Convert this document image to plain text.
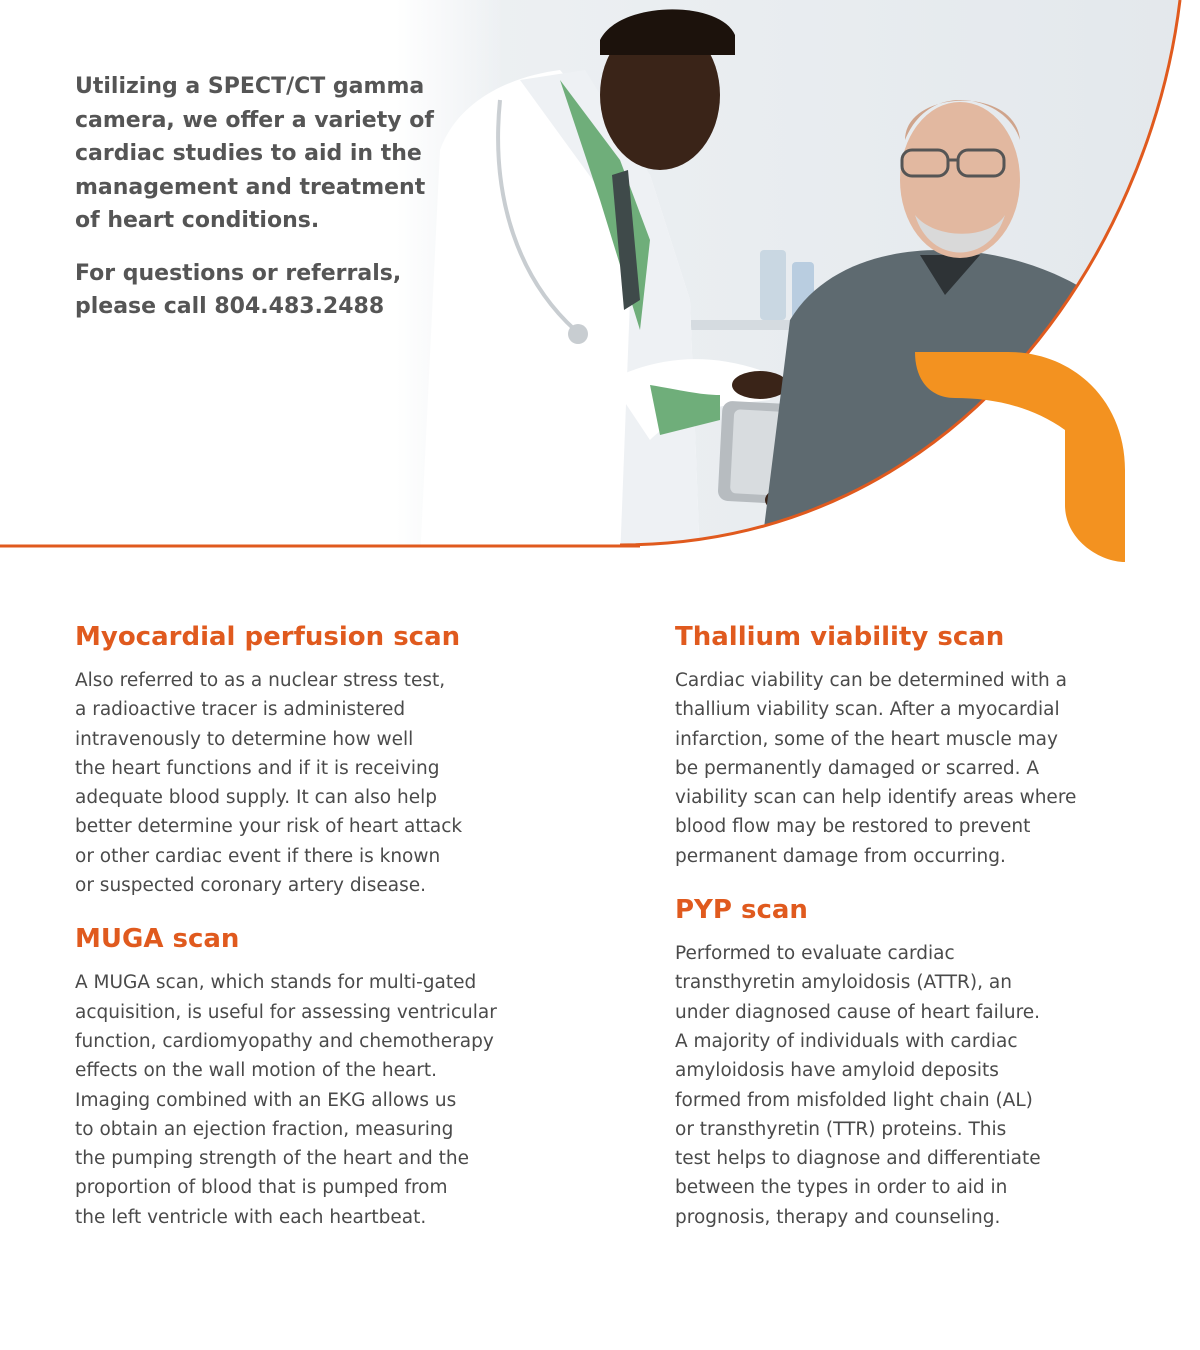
Utilizing a SPECT/CT gamma
camera, we offer a variety of
cardiac studies to aid in the
management and treatment
of heart conditions.

For questions or referrals,
please call 804.483.2488

Myocardial perfusion scan

Also referred to as a nuclear stress test,
a radioactive tracer is administered
intravenously to determine how well
the heart functions and if it is receiving
adequate blood supply. It can also help
better determine your risk of heart attack
or other cardiac event if there is known
or suspected coronary artery disease.

MUGA scan

A MUGA scan, which stands for multi-gated
acquisition, is useful for assessing ventricular
function, cardiomyopathy and chemotherapy
effects on the wall motion of the heart.
Imaging combined with an EKG allows us
to obtain an ejection fraction, measuring
the pumping strength of the heart and the
proportion of blood that is pumped from
the left ventricle with each heartbeat.

Thallium viability scan

Cardiac viability can be determined with a
thallium viability scan. After a myocardial
infarction, some of the heart muscle may
be permanently damaged or scarred. A
viability scan can help identify areas where
blood flow may be restored to prevent
permanent damage from occurring.

PYP scan

Performed to evaluate cardiac
transthyretin amyloidosis (ATTR), an
under diagnosed cause of heart failure.
A majority of individuals with cardiac
amyloidosis have amyloid deposits
formed from misfolded light chain (AL)
or transthyretin (TTR) proteins. This
test helps to diagnose and differentiate
between the types in order to aid in
prognosis, therapy and counseling.
